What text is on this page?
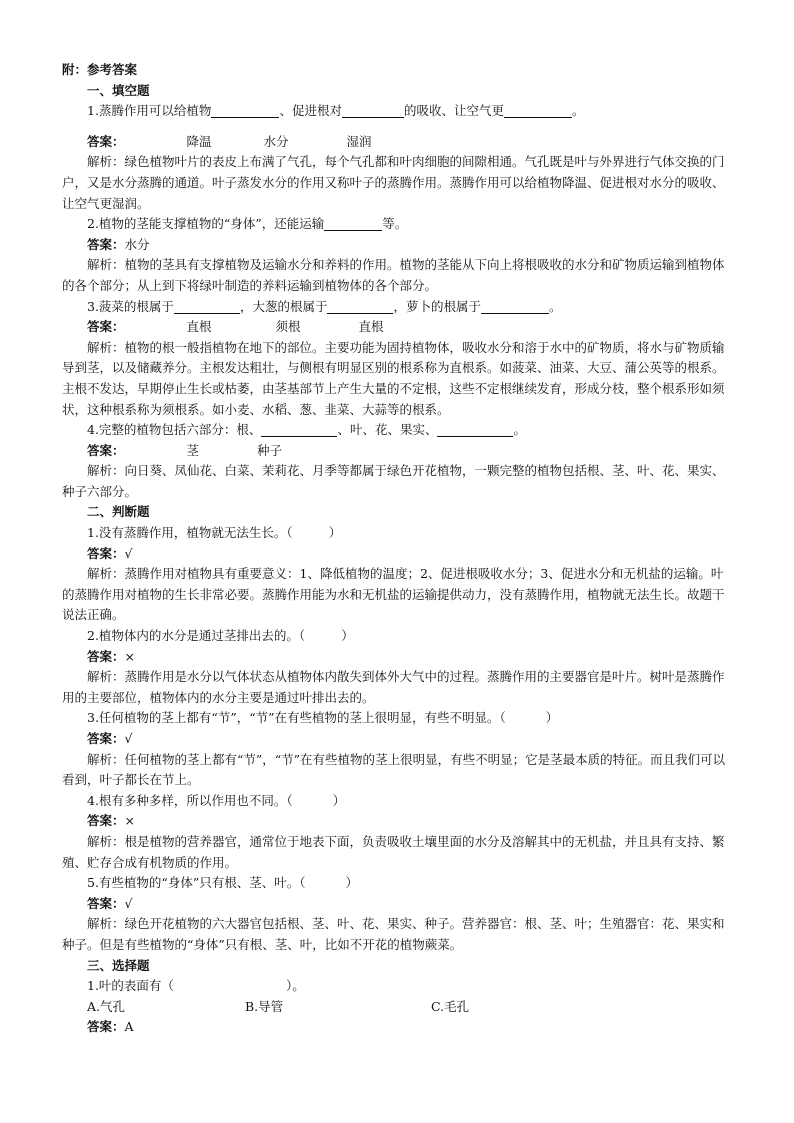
附：参考答案
一、填空题
1.蒸腾作用可以给植物	、促进根对	的吸收、让空气更	。
答案：	降温	水分	湿润
解析：绿色植物叶片的表皮上布满了气孔，每个气孔都和叶肉细胞的间隙相通。气孔既是叶与外界进行气体交换的门户，又是水分蒸腾的通道。叶子蒸发水分的作用又称叶子的蒸腾作用。蒸腾作用可以给植物降温、促进根对水分的吸收、让空气更湿润。
2.植物的茎能支撑植物的“身体”，还能运输	等。
答案：水分
解析：植物的茎具有支撑植物及运输水分和养料的作用。植物的茎能从下向上将根吸收的水分和矿物质运输到植物体的各个部分；从上到下将绿叶制造的养料运输到植物体的各个部分。
3.菠菜的根属于	，大葱的根属于	，萝卜的根属于	。
答案：	直根	须根	直根
解析：植物的根一般指植物在地下的部位。主要功能为固持植物体，吸收水分和溶于水中的矿物质，将水与矿物质输导到茎，以及储藏养分。主根发达粗壮，与侧根有明显区别的根系称为直根系。如菠菜、油菜、大豆、蒲公英等的根系。主根不发达，早期停止生长或枯萎，由茎基部节上产生大量的不定根，这些不定根继续发育，形成分枝，整个根系形如须状，这种根系称为须根系。如小麦、水稻、葱、韭菜、大蒜等的根系。
4.完整的植物包括六部分：根、	、叶、花、果实、	。
答案：	茎	种子
解析：向日葵、凤仙花、白菜、茉莉花、月季等都属于绿色开花植物，一颗完整的植物包括根、茎、叶、花、果实、种子六部分。
二、判断题
1.没有蒸腾作用，植物就无法生长。（	）
答案：√
解析：蒸腾作用对植物具有重要意义：1、降低植物的温度；2、促进根吸收水分；3、促进水分和无机盐的运输。叶的蒸腾作用对植物的生长非常必要。蒸腾作用能为水和无机盐的运输提供动力，没有蒸腾作用，植物就无法生长。故题干说法正确。
2.植物体内的水分是通过茎排出去的。（	）
答案：×
解析：蒸腾作用是水分以气体状态从植物体内散失到体外大气中的过程。蒸腾作用的主要器官是叶片。树叶是蒸腾作用的主要部位，植物体内的水分主要是通过叶排出去的。
3.任何植物的茎上都有“节”，“节”在有些植物的茎上很明显，有些不明显。（	）
答案：√
解析：任何植物的茎上都有“节”，“节”在有些植物的茎上很明显，有些不明显；它是茎最本质的特征。而且我们可以看到，叶子都长在节上。
4.根有多种多样，所以作用也不同。（	）
答案：×
解析：根是植物的营养器官，通常位于地表下面，负责吸收土壤里面的水分及溶解其中的无机盐，并且具有支持、繁殖、贮存合成有机物质的作用。
5.有些植物的“身体”只有根、茎、叶。（	）
答案：√
解析：绿色开花植物的六大器官包括根、茎、叶、花、果实、种子。营养器官：根、茎、叶；生殖器官：花、果实和种子。但是有些植物的“身体”只有根、茎、叶，比如不开花的植物蕨菜。
三、选择题
1.叶的表面有（	）。
A.气孔	B.导管	C.毛孔
答案：A
